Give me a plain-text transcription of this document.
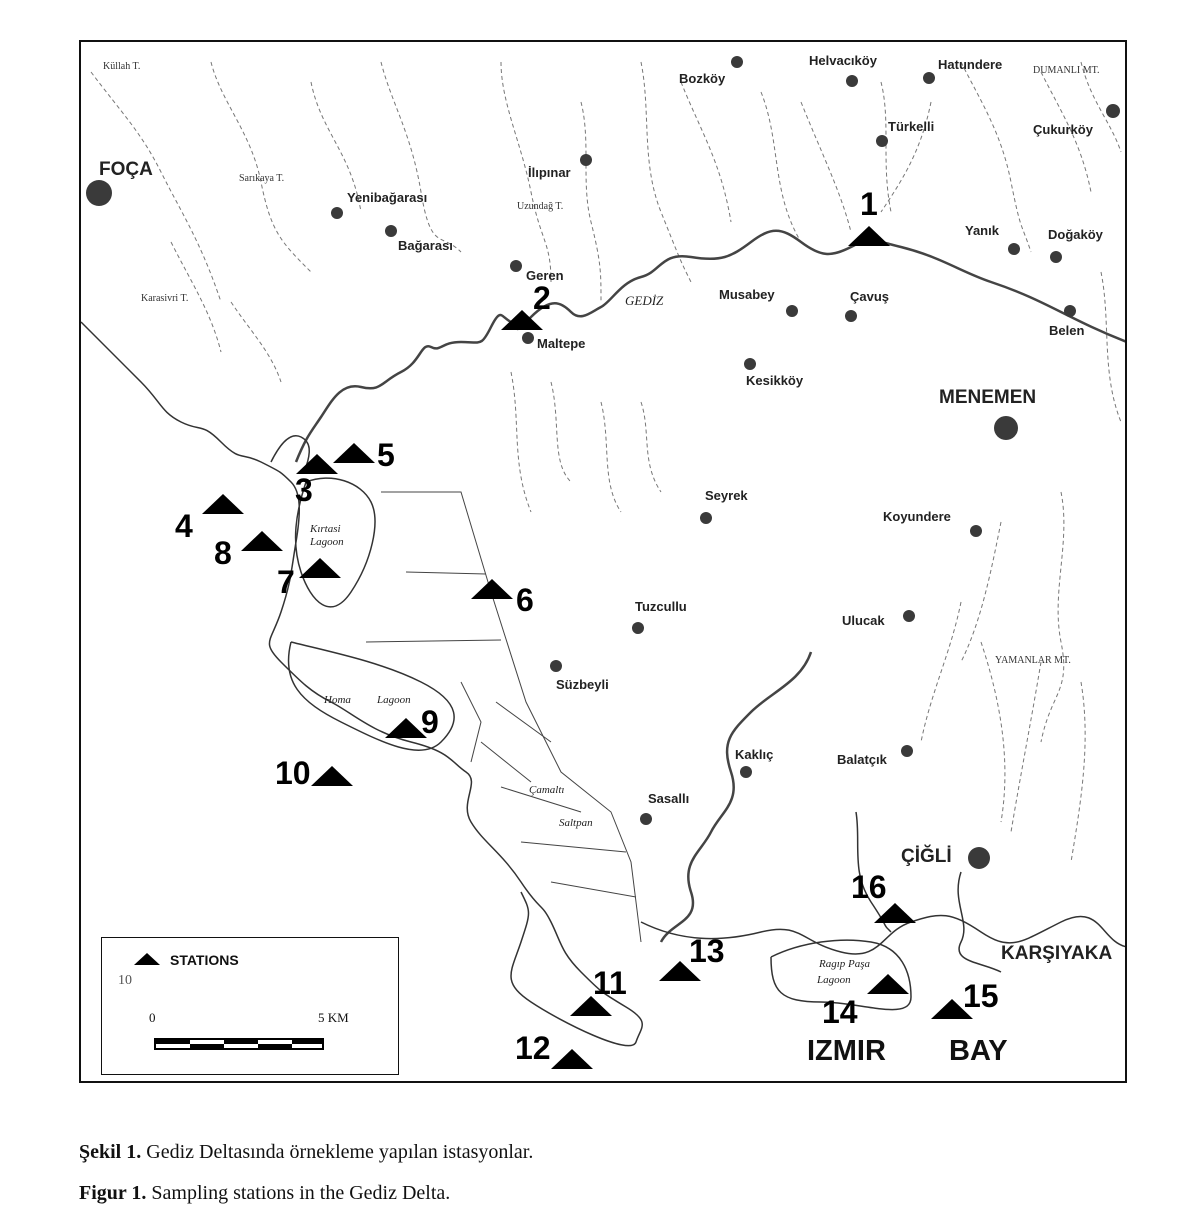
FOÇA
Bozköy
Helvacıköy	Hatundere
Türkelli	Çukurköy
İlıpınar
Yenibağarası
Bağarası
Geren
Maltepe
Musabey	Çavuş
Yanık	Doğaköy
Belen
Kesikköy
MENEMEN
Seyrek
Koyundere
Tuzcullu
Ulucak
Süzbeyli
Kaklıç	Balatçık
Sasallı
ÇİĞLİ
KARŞIYAKA
Küllah T.
Sarıkaya T.
Uzundağ T.
Karasivri T.
DUMANLI MT.
YAMANLAR MT.
GEDİZ
Kırtasi
Lagoon
Homa Lagoon
Çamaltı
Saltpan
Ragıp Paşa
Lagoon
IZMIR BAY
1
2
3
4
5
6
7
8
9
10
11
12
13
14	15
16
STATIONS
10
0	5 KM
Şekil 1. Gediz Deltasında örnekleme yapılan istasyonlar.
Figur 1. Sampling stations in the Gediz Delta.
